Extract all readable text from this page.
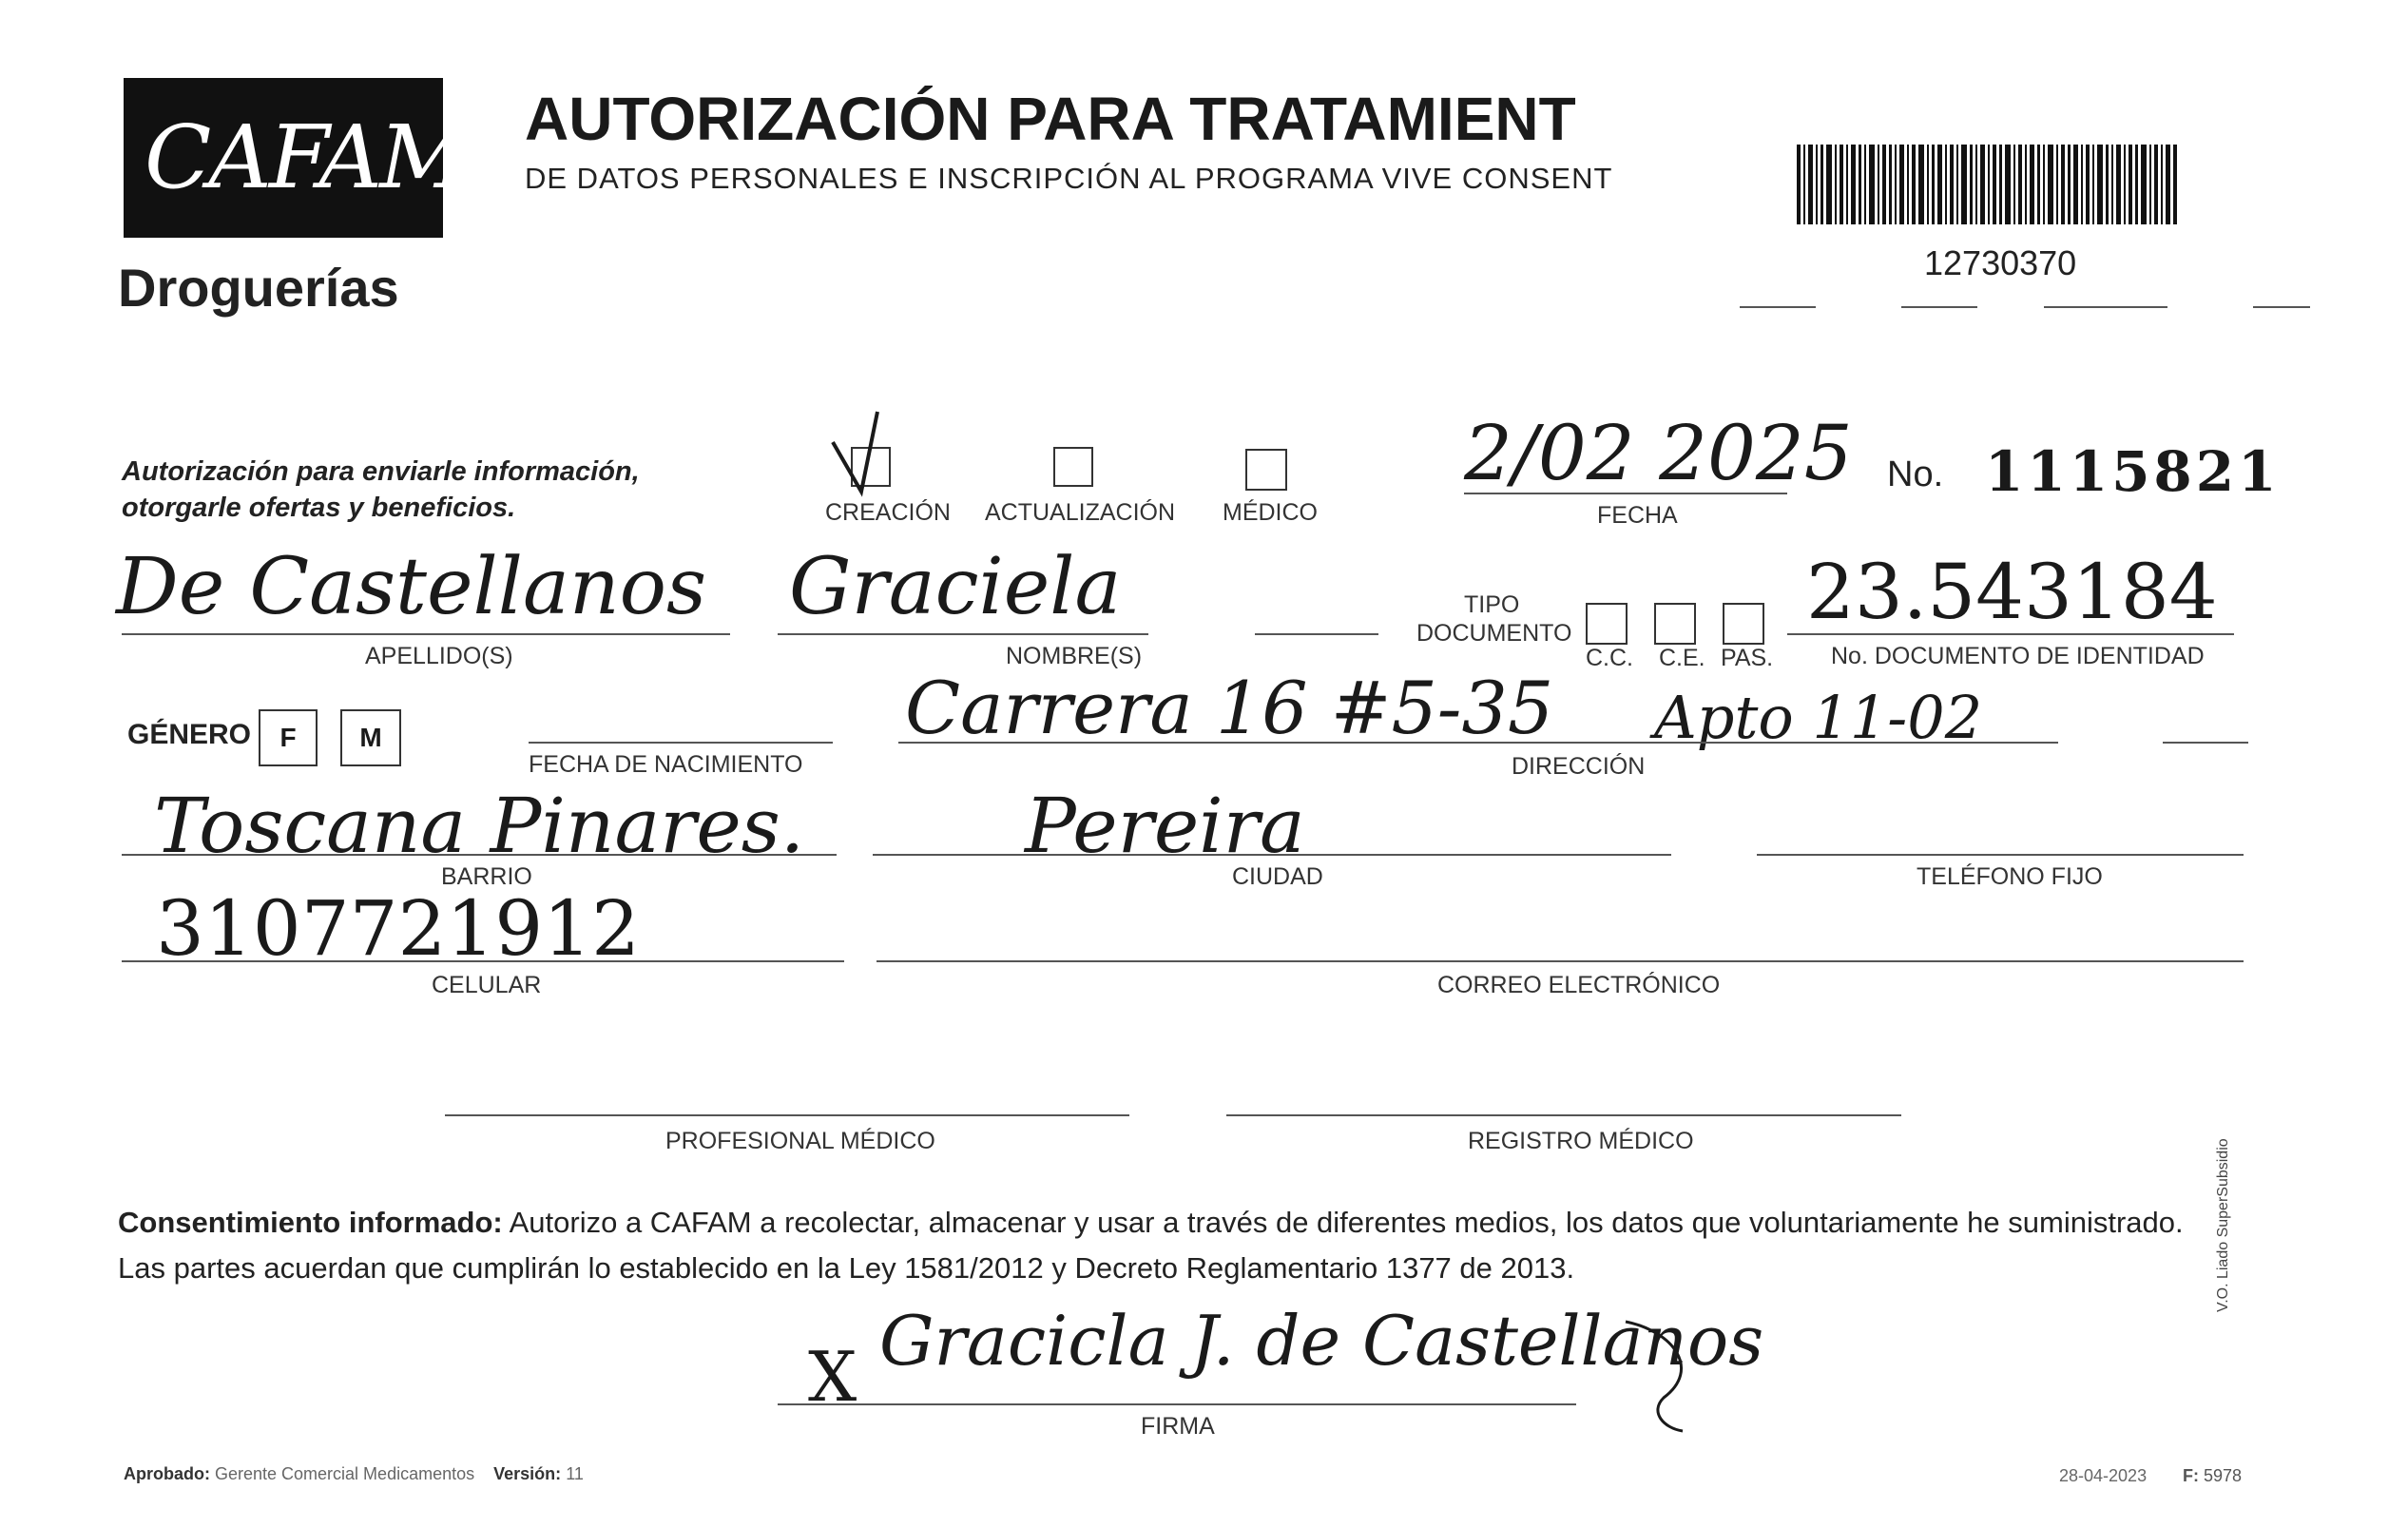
CAFAM
Droguerías
AUTORIZACIÓN PARA TRATAMIENT
DE DATOS PERSONALES E INSCRIPCIÓN AL PROGRAMA VIVE CONSENT
12730370
Autorización para enviarle información,
otorgarle ofertas y beneficios.	CREACIÓN ACTUALIZACIÓN MÉDICO
2/02 2025
FECHA
No. 1115821
De Castellanos
APELLIDO(S)
Graciela
NOMBRE(S)
TIPO
DOCUMENTO
C.C. C.E. PAS.
23.543184
No. DOCUMENTO DE IDENTIDAD
GÉNERO	F	M
FECHA DE NACIMIENTO
Carrera 16 #5-35 Apto 11-02
DIRECCIÓN
Toscana Pinares.
BARRIO
Pereira
CIUDAD	TELÉFONO FIJO
3107721912
CELULAR	CORREO ELECTRÓNICO
PROFESIONAL MÉDICO	REGISTRO MÉDICO
Consentimiento informado: Autorizo a CAFAM a recolectar, almacenar y usar a través de diferentes medios, los datos que voluntariamente he suministrado.
Las partes acuerdan que cumplirán lo establecido en la Ley 1581/2012 y Decreto Reglamentario 1377 de 2013.
X Gracicla J. de Castellanos
FIRMA
Aprobado: Gerente Comercial Medicamentos Versión: 11	28-04-2023 F: 5978
V.O. Liado SuperSubsidio
